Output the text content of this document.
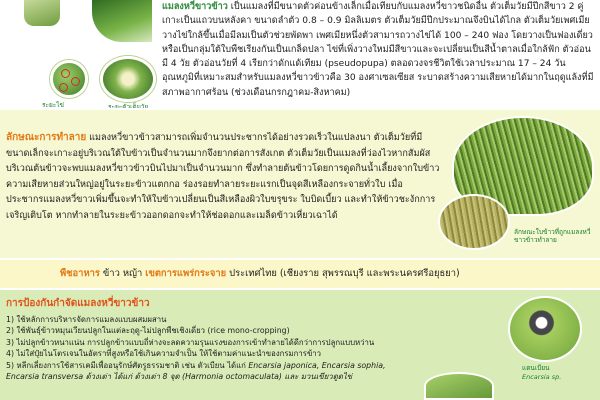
ระยะไข่	ระยะตัวเต็มวัย

แมลงหวี่ขาวข้าว เป็นแมลงที่มีขนาดตัวค่อนข้างเล็กเมื่อเทียบกับแมลงหวี่ขาวชนิดอื่น ตัวเต็มวัยมีปีกสีขาว 2 คู่ เกาะเป็นแถวบนหลังคา ขนาดลำตัว 0.8 – 0.9 มิลลิเมตร ตัวเต็มวัยมีปีกประมาณจึงบินได้ไกล ตัวเต็มวัยเพศเมียวางไข่ใกล้ขึ้นเมื่อมีลมเป็นตัวช่วยพัดพา เพศเมียหนึ่งตัวสามารถวางไข่ได้ 100 – 240 ฟอง โดยวางเป็นฟองเดี่ยวหรือเป็นกลุ่มใต้ใบพืชเรียงกันเป็นเกล็ดปลา ไข่ที่เพิ่งวางใหม่มีสีขาวและจะเปลี่ยนเป็นสีน้ำตาลเมื่อใกล้ฟัก ตัวอ่อนมี 4 วัย ตัวอ่อนวัยที่ 4 เรียกว่าดักแด้เทียม (pseudopupa) ตลอดวงจรชีวิตใช้เวลาประมาณ 17 – 24 วัน อุณหภูมิที่เหมาะสมสำหรับแมลงหวี่ขาวข้าวคือ 30 องศาเซลเซียส ระบาดสร้างความเสียหายได้มากในฤดูแล้งที่มีสภาพอากาศร้อน (ช่วงเดือนกรกฎาคม-สิงหาคม)

ลักษณะการทำลาย แมลงหวี่ขาวข้าวสามารถเพิ่มจำนวนประชากรได้อย่างรวดเร็วในแปลงนา ตัวเต็มวัยที่มีขนาดเล็กจะเกาะอยู่บริเวณใต้ใบข้าวเป็นจำนวนมากจึงยากต่อการสังเกต ตัวเต็มวัยเป็นแมลงที่ว่องไวหากสัมผัสบริเวณต้นข้าวจะพบแมลงหวี่ขาวข้าวบินไปมาเป็นจำนวนมาก ซึ่งทำลายต้นข้าวโดยการดูดกินน้ำเลี้ยงจากใบข้าว ความเสียหายส่วนใหญ่อยู่ในระยะข้าวแตกกอ ร่องรอยทำลายระยะแรกเป็นจุดสีเหลืองกระจายทั่วใบ เมื่อประชากรแมลงหวี่ขาวเพิ่มขึ้นจะทำให้ใบข้าวเปลี่ยนเป็นสีเหลืองผิวใบขรุขระ ใบบิดเบี้ยว และทำให้ข้าวชะงักการเจริญเติบโต หากทำลายในระยะข้าวออกดอกจะทำให้ช่อดอกและเมล็ดข้าวเหี่ยวเฉาได้

ลักษณะใบข้าวที่ถูกแมลงหวี่ขาวข้าวทำลาย

พืชอาหาร ข้าว หญ้า เขตการแพร่กระจาย ประเทศไทย (เชียงราย สุพรรณบุรี และพระนครศรีอยุธยา)

การป้องกันกำจัดแมลงหวี่ขาวข้าว
1) ใช้หลักการบริหารจัดการแมลงแบบผสมผสาน
2) ใช้พันธุ์ข้าวหมุนเวียนปลูกในแต่ละฤดู-ไม่ปลูกพืชเชิงเดี่ยว (rice mono-cropping)
3) ไม่ปลูกข้าวหนาแน่น การปลูกข้าวแบบถี่ห่างจะลดความรุนแรงของการเข้าทำลายได้ดีกว่าการปลูกแบบหว่าน
4) ไม่ใส่ปุ๋ยไนโตรเจนในอัตราที่สูงหรือใช้เกินความจำเป็น ให้ใช้ตามค่าแนะนำของกรมการข้าว
5) หลีกเลี่ยงการใช้สารเคมีเพื่ออนุรักษ์ศัตรูธรรมชาติ เช่น ตัวเบียน ได้แก่ Encarsia japonica, Encarsia sophia,
Encarsia transversa ด้วงเต่า ได้แก่ ด้วงเต่า 8 จุด (Harmonia octomaculata) และ มวนเขียวดูดไข่
แตนเบียน
Encarsia sp.
